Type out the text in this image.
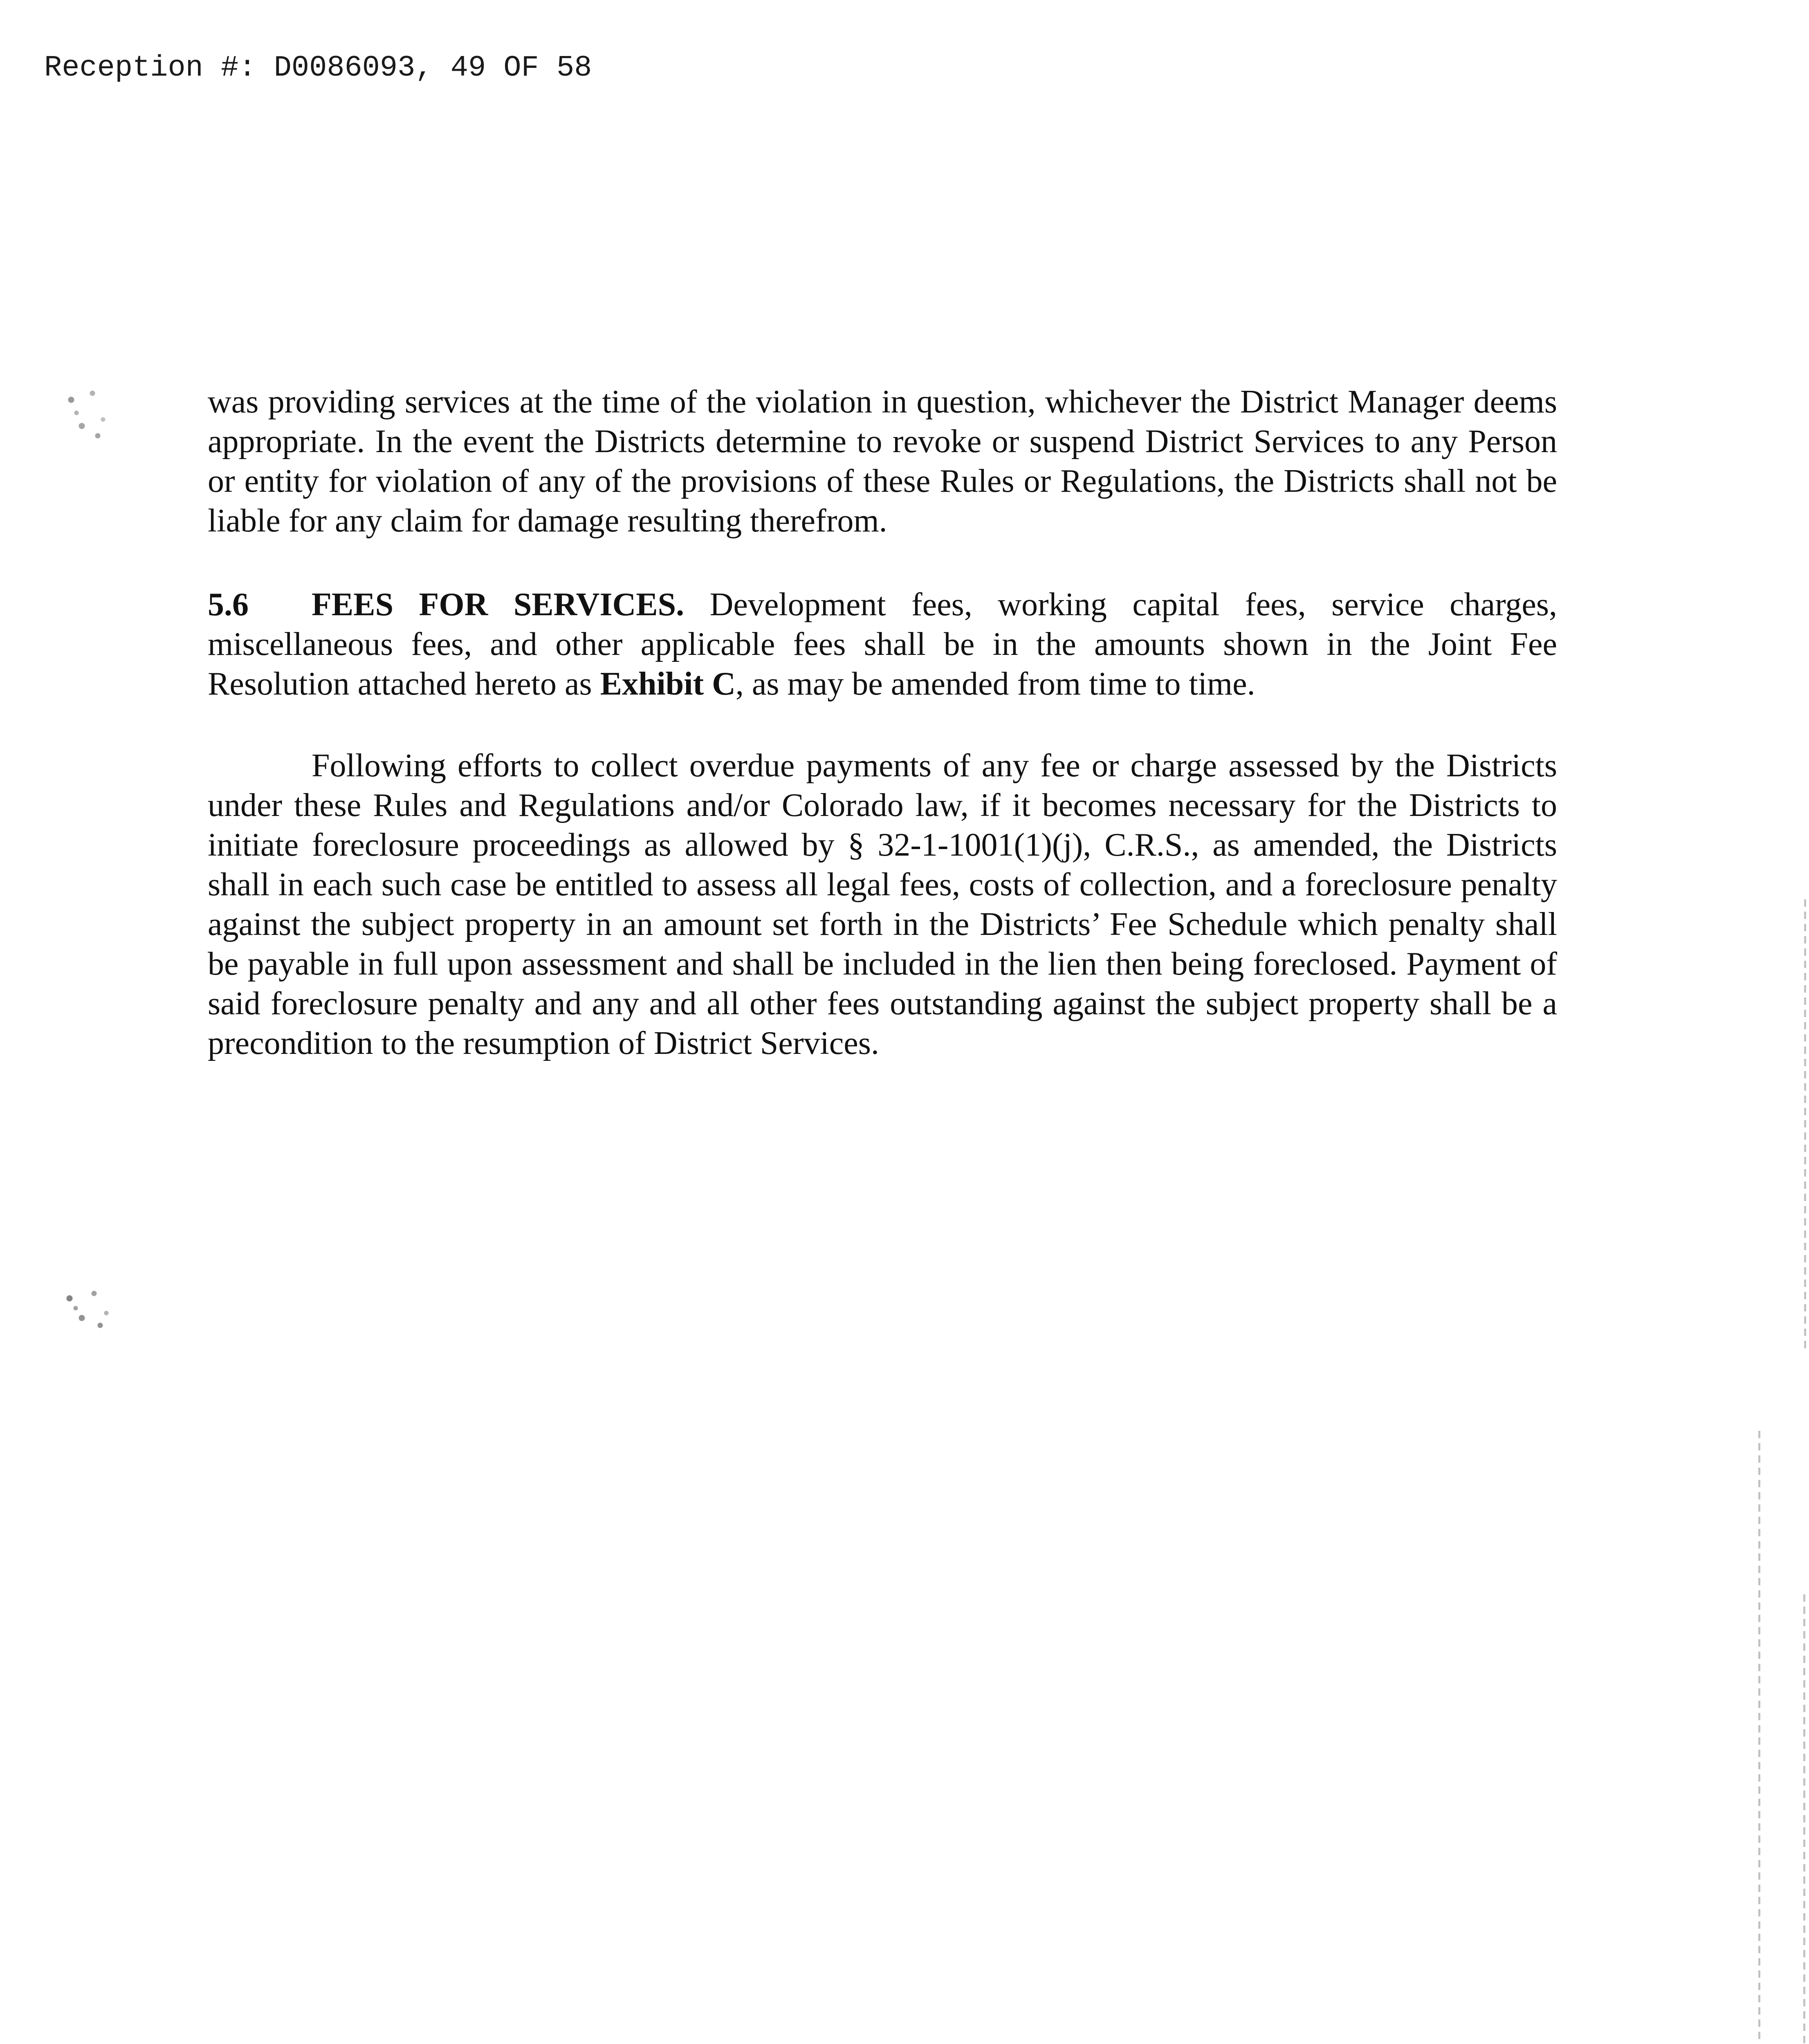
Reception #: D0086093, 49 OF 58

was providing services at the time of the violation in question, whichever the District Manager deems appropriate. In the event the Districts determine to revoke or suspend District Services to any Person or entity for violation of any of the provisions of these Rules or Regulations, the Districts shall not be liable for any claim for damage resulting therefrom.

5.6 FEES FOR SERVICES. Development fees, working capital fees, service charges, miscellaneous fees, and other applicable fees shall be in the amounts shown in the Joint Fee Resolution attached hereto as Exhibit C, as may be amended from time to time.

Following efforts to collect overdue payments of any fee or charge assessed by the Districts under these Rules and Regulations and/or Colorado law, if it becomes necessary for the Districts to initiate foreclosure proceedings as allowed by § 32-1-1001(1)(j), C.R.S., as amended, the Districts shall in each such case be entitled to assess all legal fees, costs of collection, and a foreclosure penalty against the subject property in an amount set forth in the Districts’ Fee Schedule which penalty shall be payable in full upon assessment and shall be included in the lien then being foreclosed. Payment of said foreclosure penalty and any and all other fees outstanding against the subject property shall be a precondition to the resumption of District Services.
